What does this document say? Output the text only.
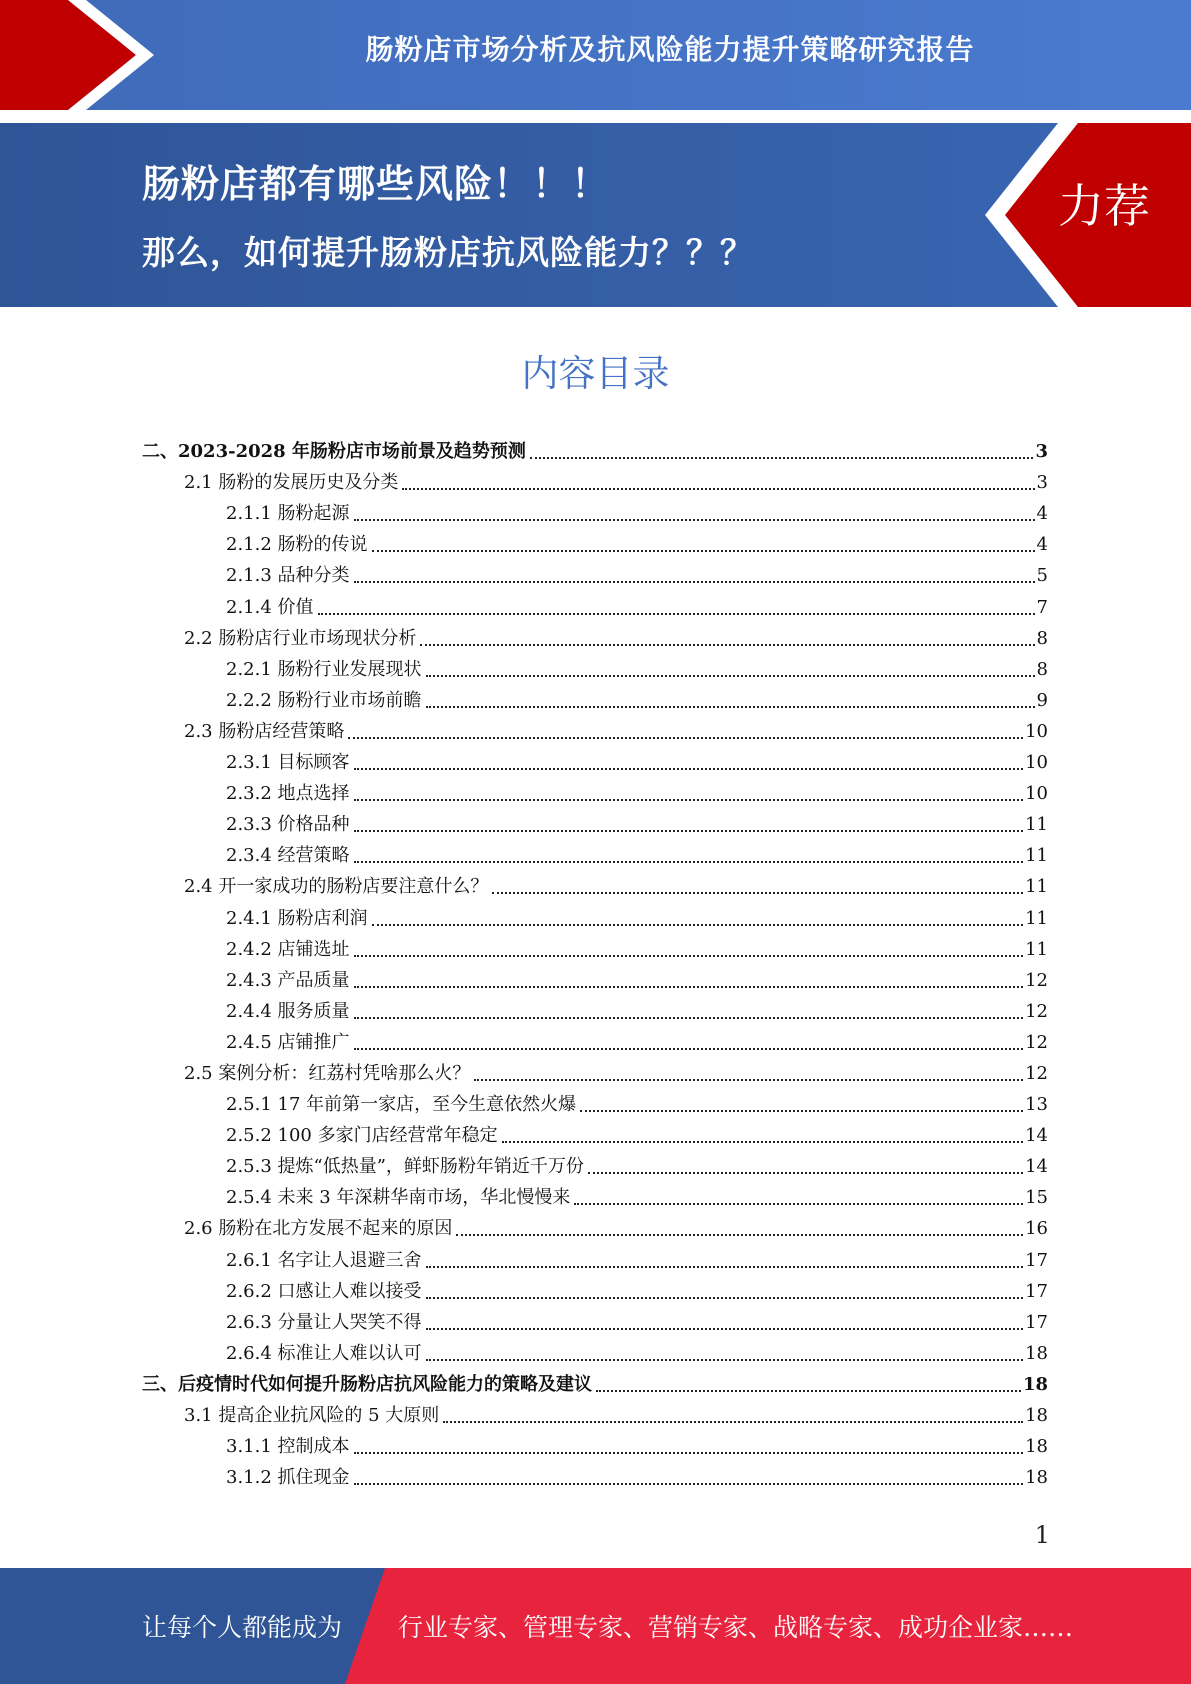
肠粉店市场分析及抗风险能力提升策略研究报告
肠粉店都有哪些风险！！！
那么，如何提升肠粉店抗风险能力？？？
力荐
内容目录
二、2023-2028 年肠粉店市场前景及趋势预测	3
2.1 肠粉的发展历史及分类	3
2.1.1 肠粉起源	4
2.1.2 肠粉的传说	4
2.1.3 品种分类	5
2.1.4 价值	7
2.2 肠粉店行业市场现状分析	8
2.2.1 肠粉行业发展现状	8
2.2.2 肠粉行业市场前瞻	9
2.3 肠粉店经营策略	10
2.3.1 目标顾客	10
2.3.2 地点选择	10
2.3.3 价格品种	11
2.3.4 经营策略	11
2.4 开一家成功的肠粉店要注意什么？	11
2.4.1 肠粉店利润	11
2.4.2 店铺选址	11
2.4.3 产品质量	12
2.4.4 服务质量	12
2.4.5 店铺推广	12
2.5 案例分析：红荔村凭啥那么火？	12
2.5.1 17 年前第一家店，至今生意依然火爆	13
2.5.2 100 多家门店经营常年稳定	14
2.5.3 提炼“低热量”，鲜虾肠粉年销近千万份	14
2.5.4 未来 3 年深耕华南市场，华北慢慢来	15
2.6 肠粉在北方发展不起来的原因	16
2.6.1 名字让人退避三舍	17
2.6.2 口感让人难以接受	17
2.6.3 分量让人哭笑不得	17
2.6.4 标准让人难以认可	18
三、后疫情时代如何提升肠粉店抗风险能力的策略及建议	18
3.1 提高企业抗风险的 5 大原则	18
3.1.1 控制成本	18
3.1.2 抓住现金	18
1
让每个人都能成为 行业专家、管理专家、营销专家、战略专家、成功企业家……
